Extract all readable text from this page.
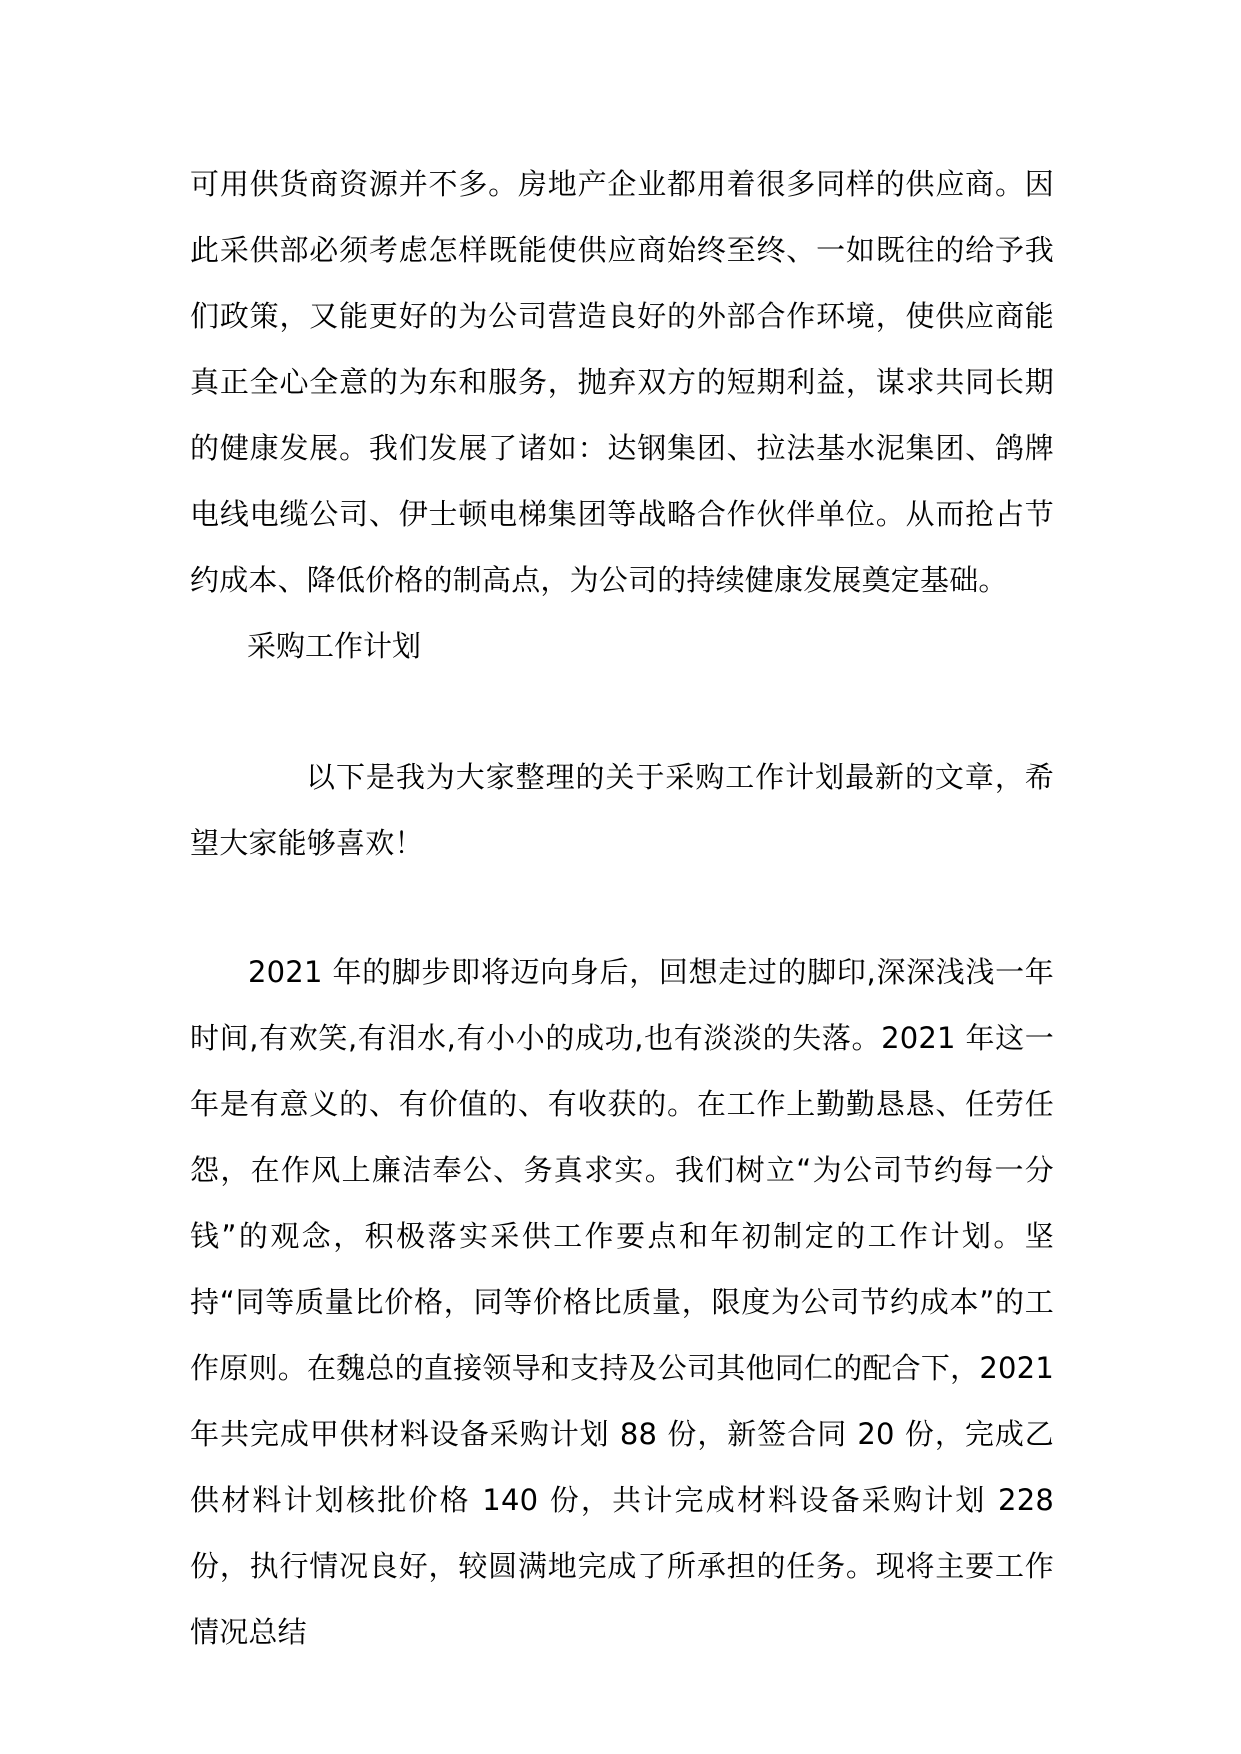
可用供货商资源并不多。房地产企业都用着很多同样的供应商。因此采供部必须考虑怎样既能使供应商始终至终、一如既往的给予我们政策，又能更好的为公司营造良好的外部合作环境，使供应商能真正全心全意的为东和服务，抛弃双方的短期利益，谋求共同长期的健康发展。我们发展了诸如：达钢集团、拉法基水泥集团、鸽牌电线电缆公司、伊士顿电梯集团等战略合作伙伴单位。从而抢占节约成本、降低价格的制高点，为公司的持续健康发展奠定基础。
采购工作计划
以下是我为大家整理的关于采购工作计划最新的文章，希望大家能够喜欢！
2021 年的脚步即将迈向身后，回想走过的脚印,深深浅浅一年时间,有欢笑,有泪水,有小小的成功,也有淡淡的失落。2021 年这一年是有意义的、有价值的、有收获的。在工作上勤勤恳恳、任劳任怨，在作风上廉洁奉公、务真求实。我们树立“为公司节约每一分钱”的观念，积极落实采供工作要点和年初制定的工作计划。坚持“同等质量比价格，同等价格比质量，限度为公司节约成本”的工作原则。在魏总的直接领导和支持及公司其他同仁的配合下，2021 年共完成甲供材料设备采购计划 88 份，新签合同 20 份，完成乙供材料计划核批价格 140 份，共计完成材料设备采购计划 228 份，执行情况良好，较圆满地完成了所承担的任务。现将主要工作情况总结
